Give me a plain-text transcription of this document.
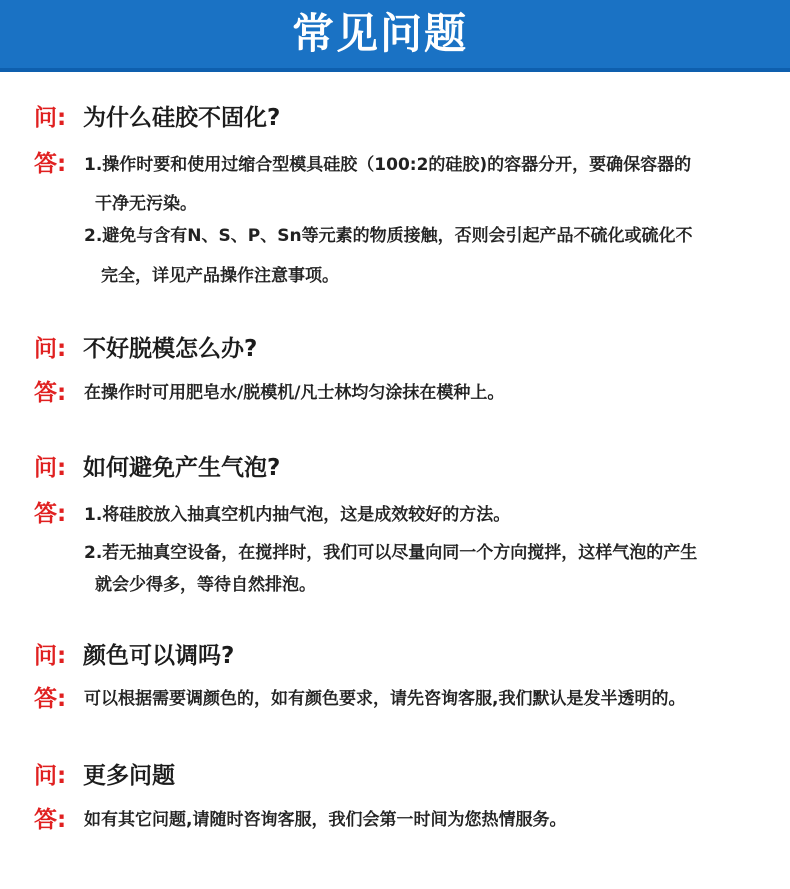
常见问题
问: 为什么硅胶不固化?
答: 1.操作时要和使用过缩合型模具硅胶（100:2的硅胶)的容器分开，要确保容器的
干净无污染。
2.避免与含有N、S、P、Sn等元素的物质接触，否则会引起产品不硫化或硫化不
完全，详见产品操作注意事项。
问: 不好脱模怎么办?
答: 在操作时可用肥皂水/脱模机/凡士林均匀涂抹在模种上。
问: 如何避免产生气泡?
答: 1.将硅胶放入抽真空机内抽气泡，这是成效较好的方法。
2.若无抽真空设备，在搅拌时，我们可以尽量向同一个方向搅拌，这样气泡的产生
就会少得多，等待自然排泡。
问: 颜色可以调吗?
答: 可以根据需要调颜色的，如有颜色要求，请先咨询客服,我们默认是发半透明的。
问: 更多问题
答: 如有其它问题,请随时咨询客服，我们会第一时间为您热情服务。
